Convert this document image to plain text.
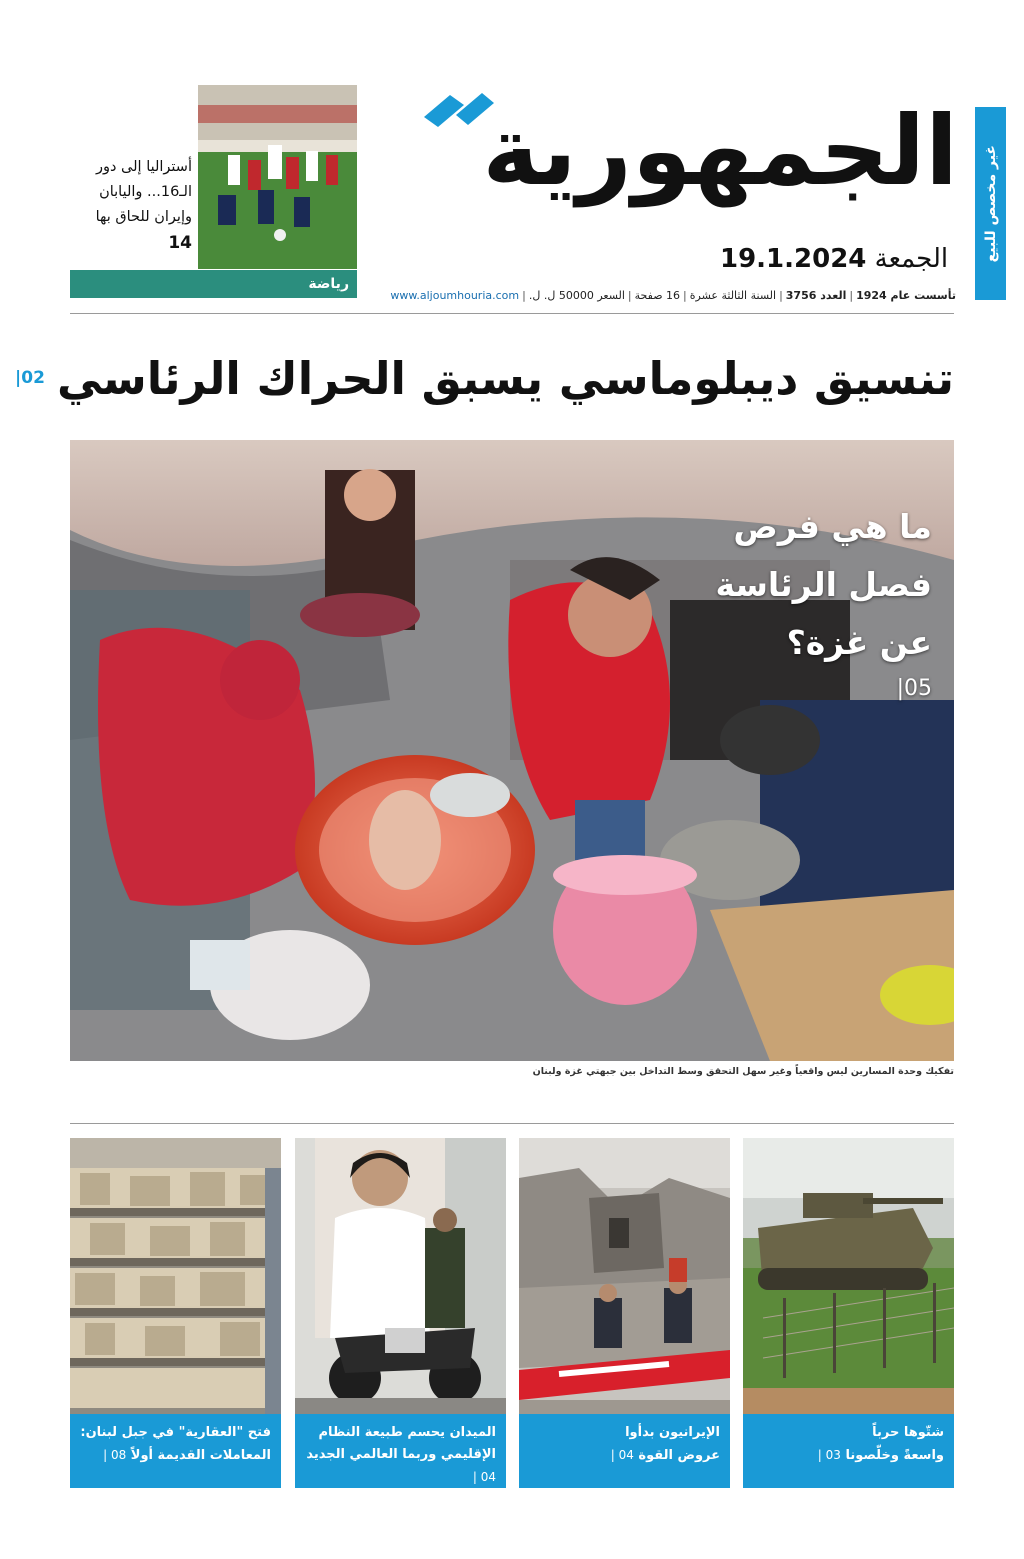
غير مخصص للبيع
الجمهورية
الجمعة 19.1.2024
تأسست عام 1924|العدد 3756|السنة الثالثة عشرة|16 صفحة|السعر 50000 ل. ل.|www.aljoumhouria.com
أستراليا إلى دور الـ16... واليابان وإيران للحاق بها
14
رياضة
تنسيق ديبلوماسي يسبق الحراك الرئاسي
02|
ما هي فرص
فصل الرئاسة
عن غزة؟
05|
تفكيك وحدة المسارين ليس واقعياً وغير سهل التحقق وسط التداخل بين جبهتي غزة ولبنان
شتّوها حرباً
واسعةً وخلّصونا 03 |
الإيرانيون بدأوا
عروض القوة 04 |
الميدان يحسم طبيعة النظام
الإقليمي وربما العالمي الجديد 04 |
فتح "العقارية" في جبل لبنان:
المعاملات القديمة أولاً 08 |
